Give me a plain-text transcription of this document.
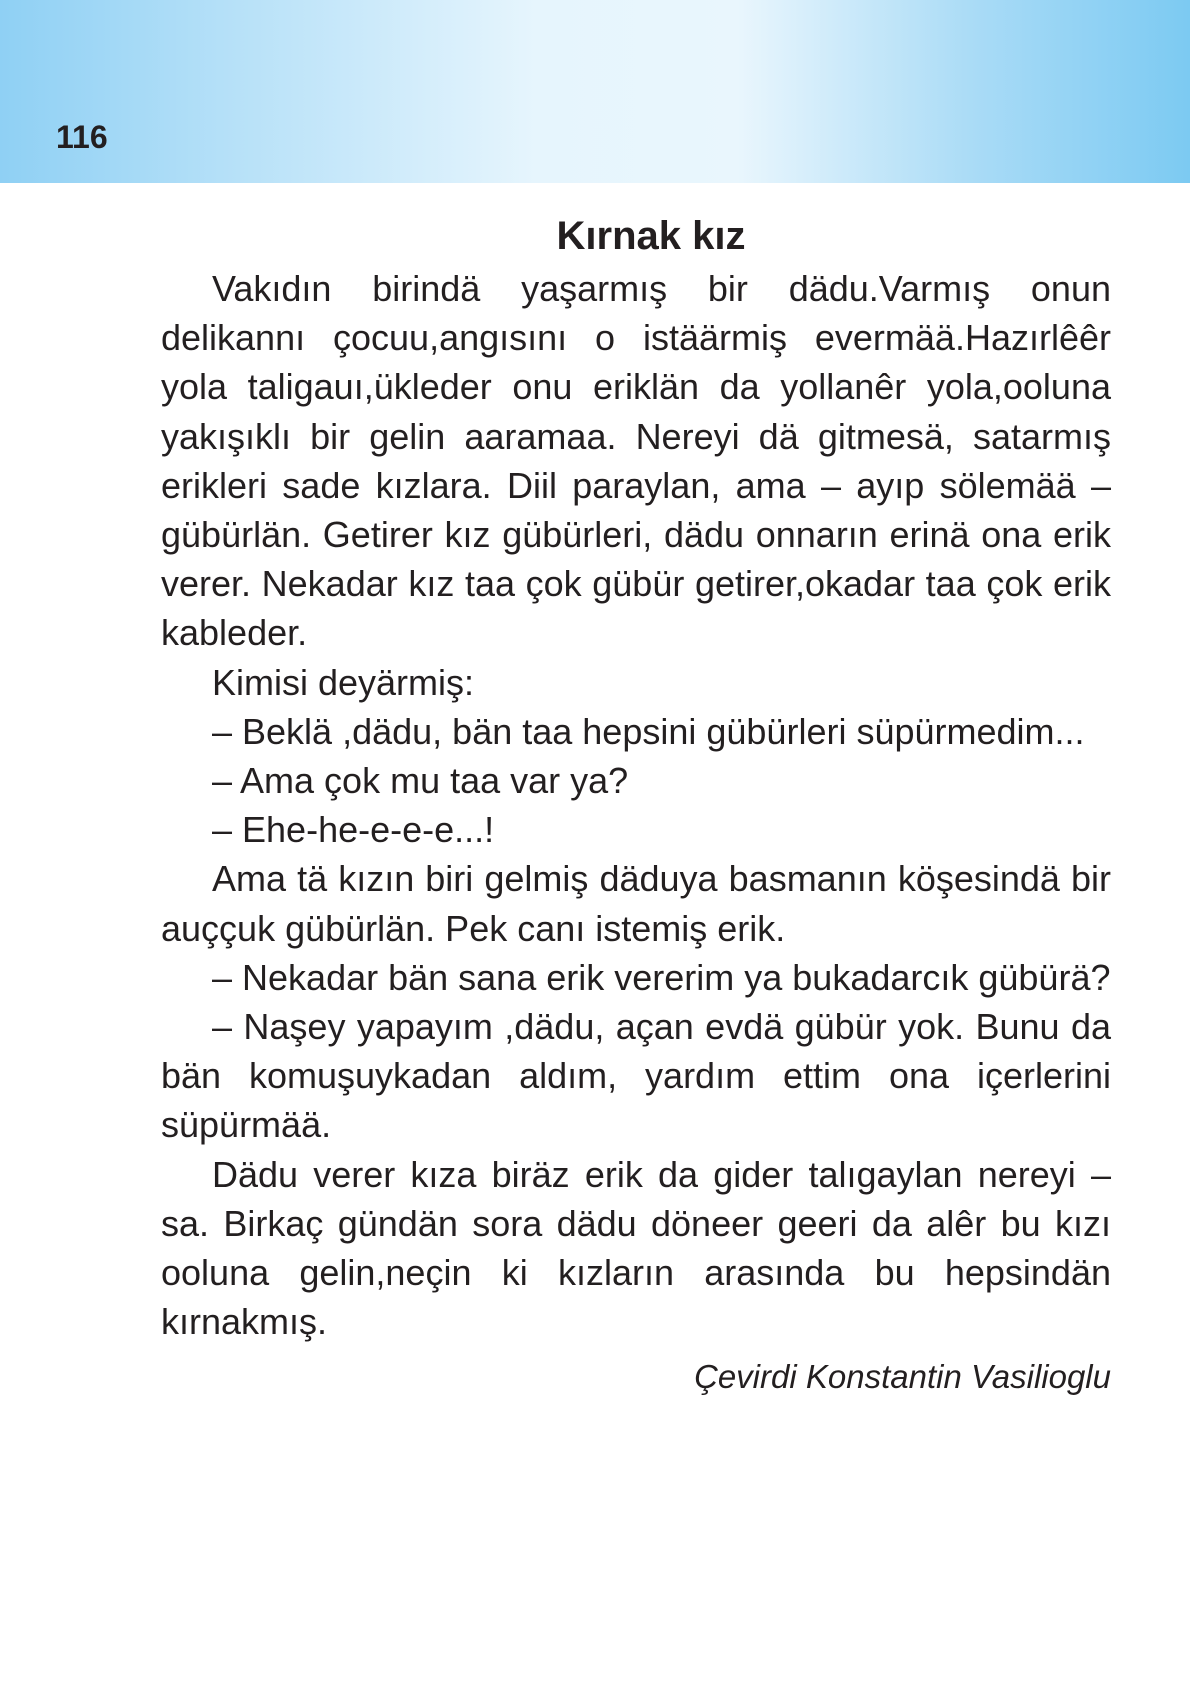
116
Kırnak kız

Vakıdın birindä yaşarmış bir dädu.Varmış onun delikannı çocuu,angısını o istäärmiş evermää.Hazırlêêr yola taligauı,ükleder onu eriklän da yollanêr yola,ooluna yakışıklı bir gelin aaramaa. Nereyi dä gitmesä, satarmış erikleri sade kızlara. Diil paraylan, ama – ayıp sölemää – gübürlän. Getirer kız gübürleri, dädu onnarın erinä ona erik verer. Nekadar kız taa çok gübür getirer,okadar taa çok erik kableder.

Kimisi deyärmiş:

– Beklä ,dädu, bän taa hepsini gübürleri süpürmedim...

– Ama çok mu taa var ya?

– Ehe-he-e-e-e...!

Ama tä kızın biri gelmiş däduya basmanın köşesindä bir auççuk gübürlän. Pek canı istemiş erik.

– Nekadar bän sana erik vererim ya bukadarcık gübürä?

– Naşey yapayım ,dädu, açan evdä gübür yok. Bunu da bän komuşuykadan aldım, yardım ettim ona içerlerini süpürmää.

Dädu verer kıza biräz erik da gider talıgaylan nereyi – sa. Birkaç gündän sora dädu döneer geeri da alêr bu kızı ooluna gelin,neçin ki kızların arasında bu hepsindän kırnakmış.

Çevirdi Konstantin Vasilioglu
